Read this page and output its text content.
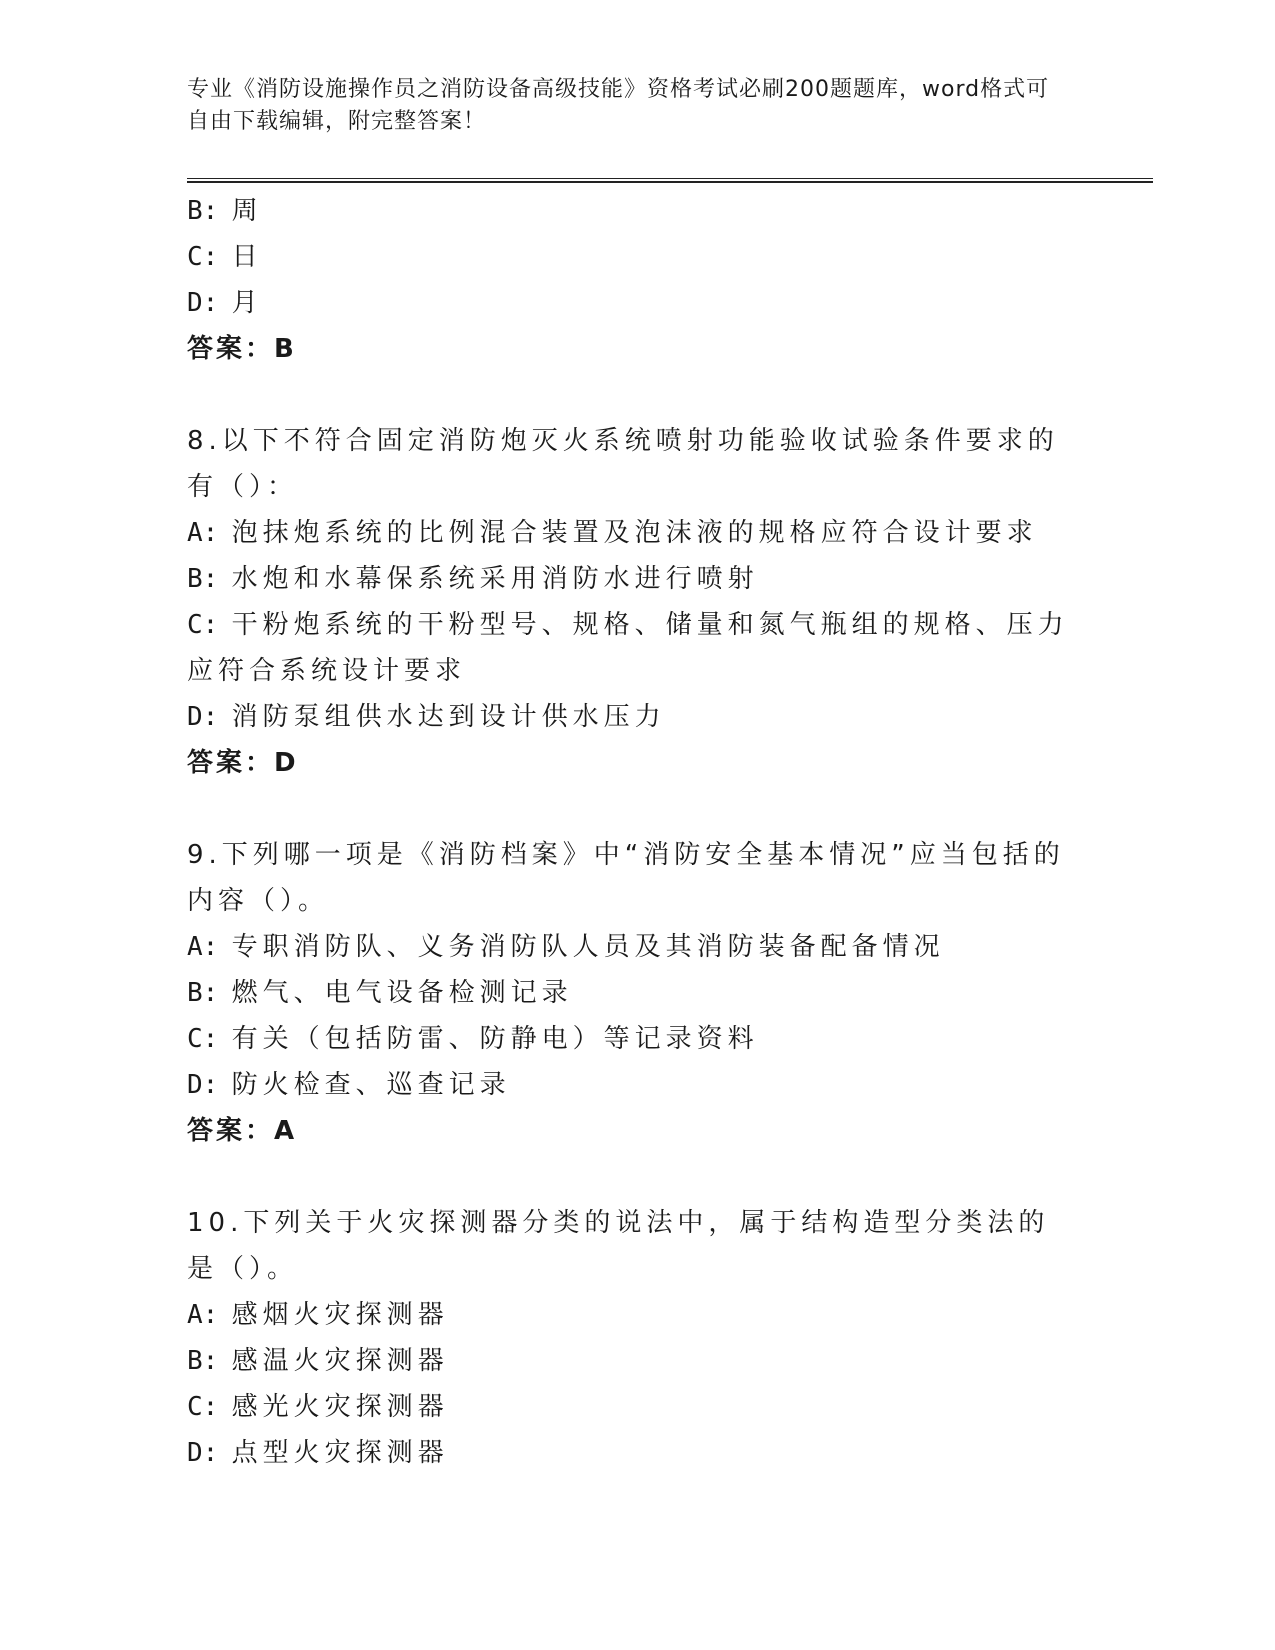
专业《消防设施操作员之消防设备高级技能》资格考试必刷200题题库，word格式可自由下载编辑，附完整答案！
B: 周
C: 日
D: 月
答案：B
8.以下不符合固定消防炮灭火系统喷射功能验收试验条件要求的有（）：
A: 泡抹炮系统的比例混合装置及泡沫液的规格应符合设计要求
B: 水炮和水幕保系统采用消防水进行喷射
C: 干粉炮系统的干粉型号、规格、储量和氮气瓶组的规格、压力应符合系统设计要求
D: 消防泵组供水达到设计供水压力
答案：D
9.下列哪一项是《消防档案》中“消防安全基本情况”应当包括的内容（）。
A: 专职消防队、义务消防队人员及其消防装备配备情况
B: 燃气、电气设备检测记录
C: 有关（包括防雷、防静电）等记录资料
D: 防火检查、巡查记录
答案：A
10.下列关于火灾探测器分类的说法中，属于结构造型分类法的是（）。
A: 感烟火灾探测器
B: 感温火灾探测器
C: 感光火灾探测器
D: 点型火灾探测器
